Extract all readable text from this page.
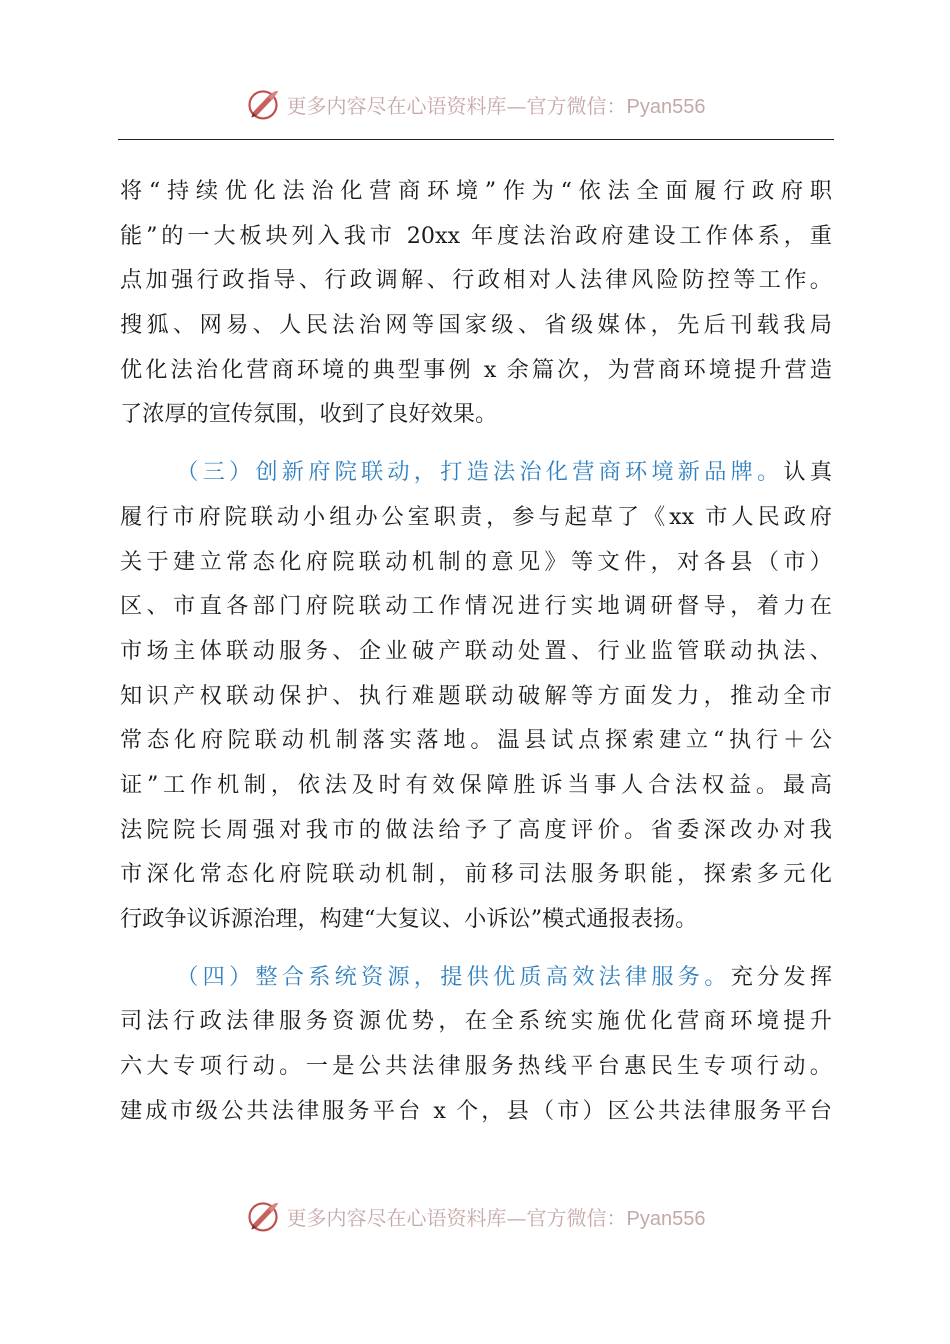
更多内容尽在心语资料库—官方微信：Pyan556
将“持续优化法治化营商环境”作为“依法全面履行政府职
能”的一大板块列入我市 20xx 年度法治政府建设工作体系，重
点加强行政指导、行政调解、行政相对人法律风险防控等工作。
搜狐、网易、人民法治网等国家级、省级媒体，先后刊载我局
优化法治化营商环境的典型事例 x 余篇次，为营商环境提升营造
了浓厚的宣传氛围，收到了良好效果。
（三）创新府院联动，打造法治化营商环境新品牌。认真
履行市府院联动小组办公室职责，参与起草了《xx 市人民政府
关于建立常态化府院联动机制的意见》等文件，对各县（市）
区、市直各部门府院联动工作情况进行实地调研督导，着力在
市场主体联动服务、企业破产联动处置、行业监管联动执法、
知识产权联动保护、执行难题联动破解等方面发力，推动全市
常态化府院联动机制落实落地。温县试点探索建立“执行＋公
证”工作机制，依法及时有效保障胜诉当事人合法权益。最高
法院院长周强对我市的做法给予了高度评价。省委深改办对我
市深化常态化府院联动机制，前移司法服务职能，探索多元化
行政争议诉源治理，构建“大复议、小诉讼”模式通报表扬。
（四）整合系统资源，提供优质高效法律服务。充分发挥
司法行政法律服务资源优势，在全系统实施优化营商环境提升
六大专项行动。一是公共法律服务热线平台惠民生专项行动。
建成市级公共法律服务平台 x 个，县（市）区公共法律服务平台
更多内容尽在心语资料库—官方微信：Pyan556
